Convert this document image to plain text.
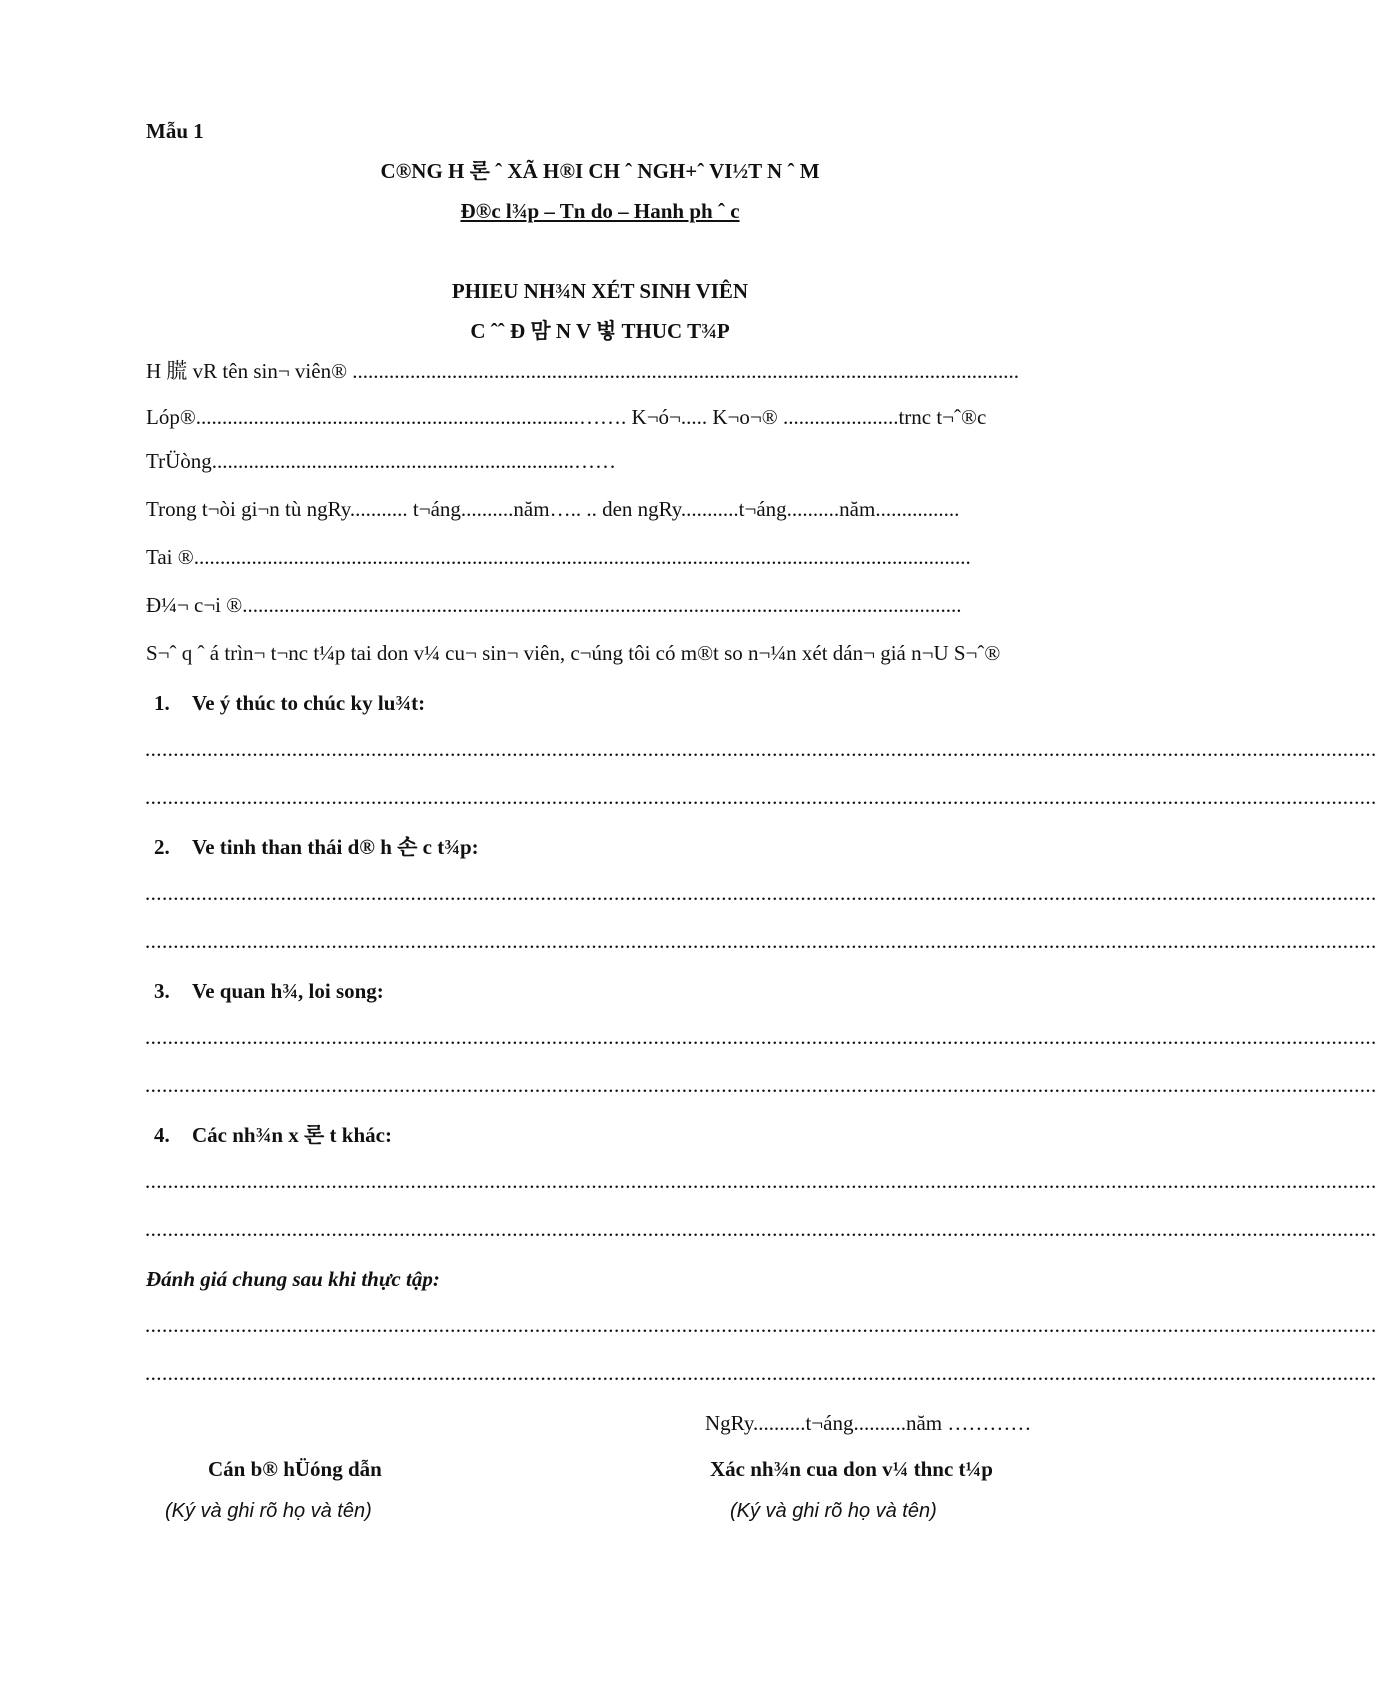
Mẫu 1
C®NG H 론 ˆ XÃ H®I CH ˆ NGH+ˆ VI½T N ˆ M
Ð®c l¾p – Tn do – Hanh ph ˆ c
PHIEU NH¾N XÉT SINH VIÊN
C ˆˆ Ð 맘 N V 벟 THUC T¾P
H 䐠 vR tên sin¬ viên® ...............................................................................................................................
Lóp®.........................................................................……. K¬ó¬..... K¬o¬® ......................trnc t¬ˆ®c
TrÜòng.....................................................................……
Trong t¬òi gi¬n tù ngRy........... t¬áng..........năm….. .. den ngRy...........t¬áng..........năm................
Tai ®....................................................................................................................................................
Ð¼¬ c¬i ®.........................................................................................................................................
S¬ˆ q ˆ á trìn¬ t¬nc t¼p tai don v¼ cu¬ sin¬ viên, c¬úng tôi có m®t so n¬¼n xét dán¬ giá n¬U S¬ˆ®
1. Ve ý thúc to chúc ky lu¾t:
..........................................................................................................................................................................................................................
..........................................................................................................................................................................................................................
2. Ve tinh than thái d® h 손 c t¾p:
..........................................................................................................................................................................................................................
..........................................................................................................................................................................................................................
3. Ve quan h¾, loi song:
..........................................................................................................................................................................................................................
..........................................................................................................................................................................................................................
4. Các nh¾n x 론 t khác:
..........................................................................................................................................................................................................................
..........................................................................................................................................................................................................................
Đánh giá chung sau khi thực tập:
..........................................................................................................................................................................................................................
..........................................................................................................................................................................................................................
NgRy..........t¬áng..........năm …………
Cán b® hÜóng dẫn	Xác nh¾n cua don v¼ thnc t¼p
(Ký và ghi rõ họ và tên)	(Ký và ghi rõ họ và tên)
